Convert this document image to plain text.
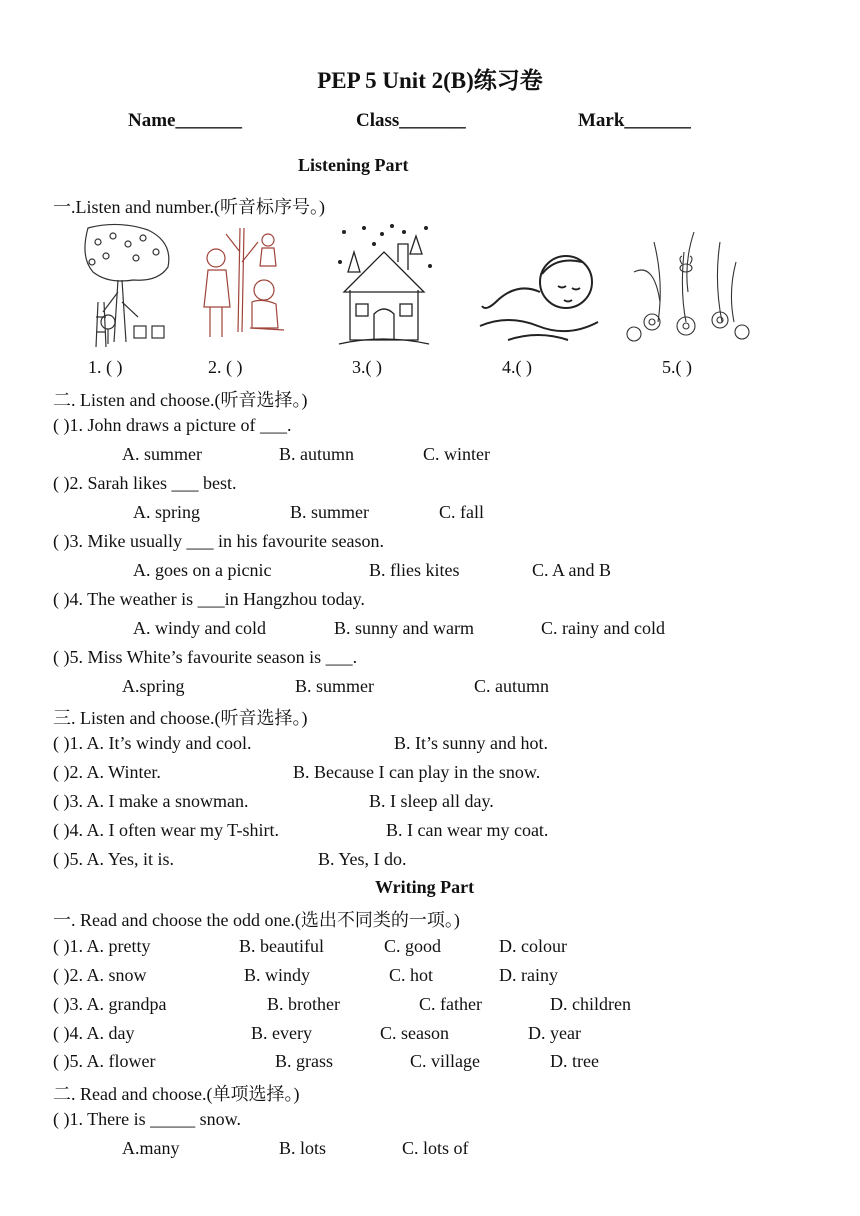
PEP 5 Unit 2(B)练习卷
Name_______	Class_______	Mark_______
Listening Part
一.Listen and number.(听音标序号。)
1. ( )	2. ( )	3.( )	4.( )	5.( )
二. Listen and choose.(听音选择。)
( )1. John draws a picture of ___.
A. summer	B. autumn	C. winter
( )2. Sarah likes ___ best.
A. spring	B. summer	C. fall
( )3. Mike usually ___ in his favourite season.
A. goes on a picnic	B. flies kites	C. A and B
( )4. The weather is ___in Hangzhou today.
A. windy and cold	B. sunny and warm	C. rainy and cold
( )5. Miss White’s favourite season is ___.
A.spring	B. summer	C. autumn
三. Listen and choose.(听音选择。)
( )1. A. It’s windy and cool.	B. It’s sunny and hot.
( )2. A. Winter.	B. Because I can play in the snow.
( )3. A. I make a snowman.	B. I sleep all day.
( )4. A. I often wear my T-shirt.	B. I can wear my coat.
( )5. A. Yes, it is.	B. Yes, I do.
Writing Part
一. Read and choose the odd one.(选出不同类的一项。)
( )1. A. pretty	B. beautiful	C. good	D. colour
( )2. A. snow	B. windy	C. hot	D. rainy
( )3. A. grandpa	B. brother	C. father	D. children
( )4. A. day	B. every	C. season	D. year
( )5. A. flower	B. grass	C. village	D. tree
二. Read and choose.(单项选择。)
( )1. There is _____ snow.
A.many	B. lots	C. lots of
